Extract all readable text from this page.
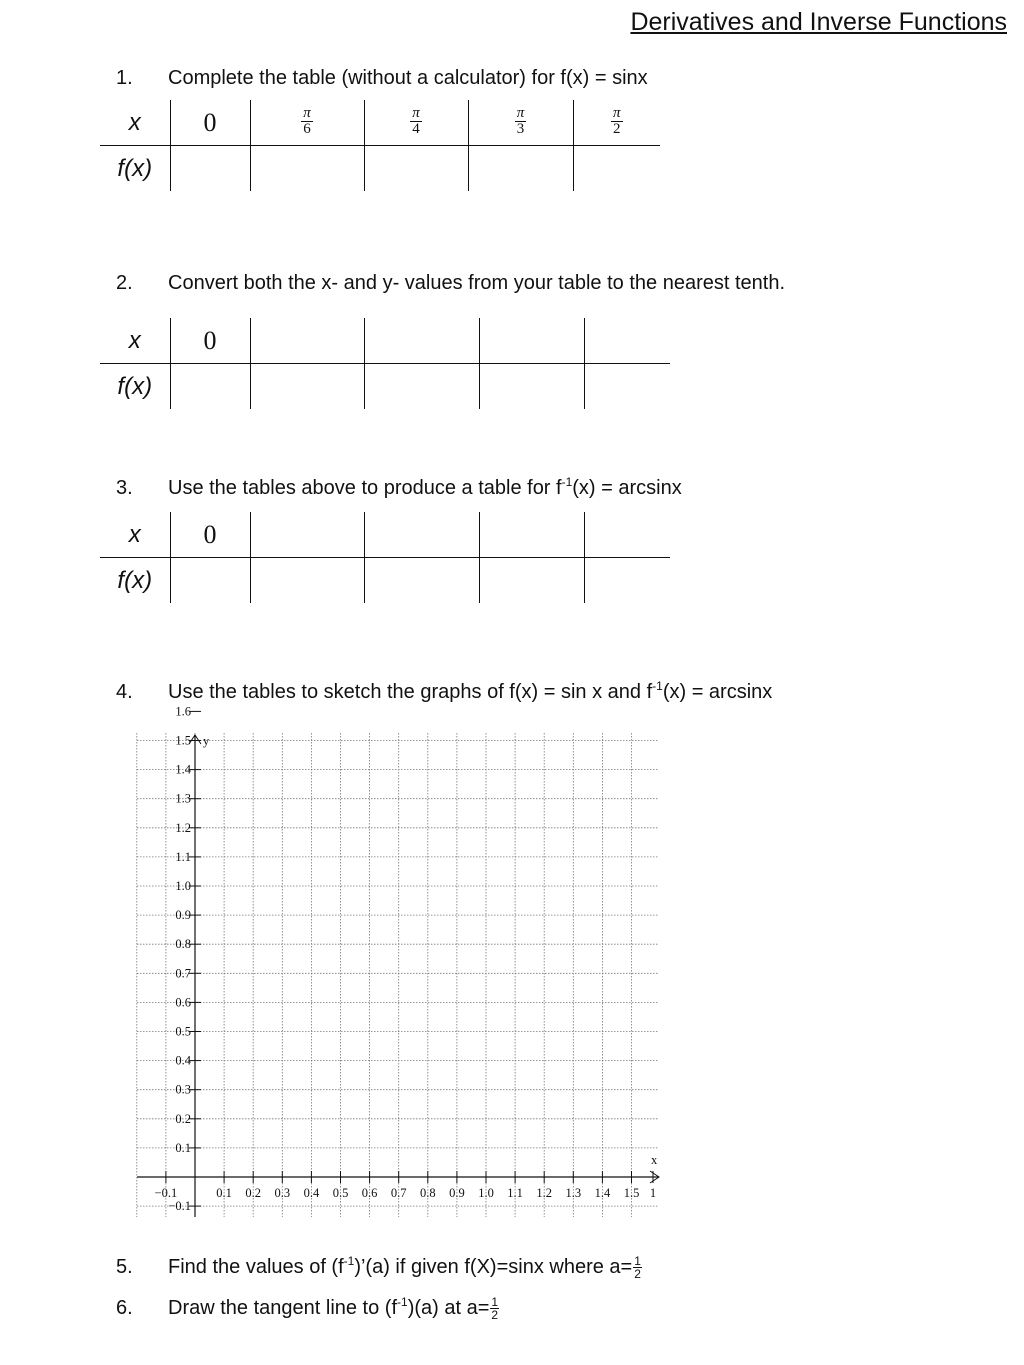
Derivatives and Inverse Functions
1. Complete the table (without a calculator) for f(x) = sinx
x	0	$\frac{\pi}{6}$	$\frac{\pi}{4}$	$\frac{\pi}{3}$	$\frac{\pi}{2}$

f(x)					
2. Convert both the x- and y- values from your table to the nearest tenth.
x	0				
f(x)					
3. Use the tables above to produce a table for $f^{-1}(x) = \arcsin x$
x	0				
f(x)					
4. Use the tables to sketch the graphs of f(x) = sin x and $f^{-1}(x) = \arcsin x$
x
y
−0.1	0.1 0.2 0.3 0.4 0.5 0.6 0.7 0.8 0.9 1.0 1.1 1.2 1.3 1.4 1.5 1
−0.1
0.1
0.2
0.3
0.4
0.5
0.6
0.7
0.8
0.9
1.0
1.1
1.2
1.3
1.4
1.5
1.6
5. Find the values of $(f^{-1})’(a)$ if given f(X)=sinx where $a= \frac{1}{2}$
6. Draw the tangent line to $(f^{-1})(a)$ at $a= \frac{1}{2}$
